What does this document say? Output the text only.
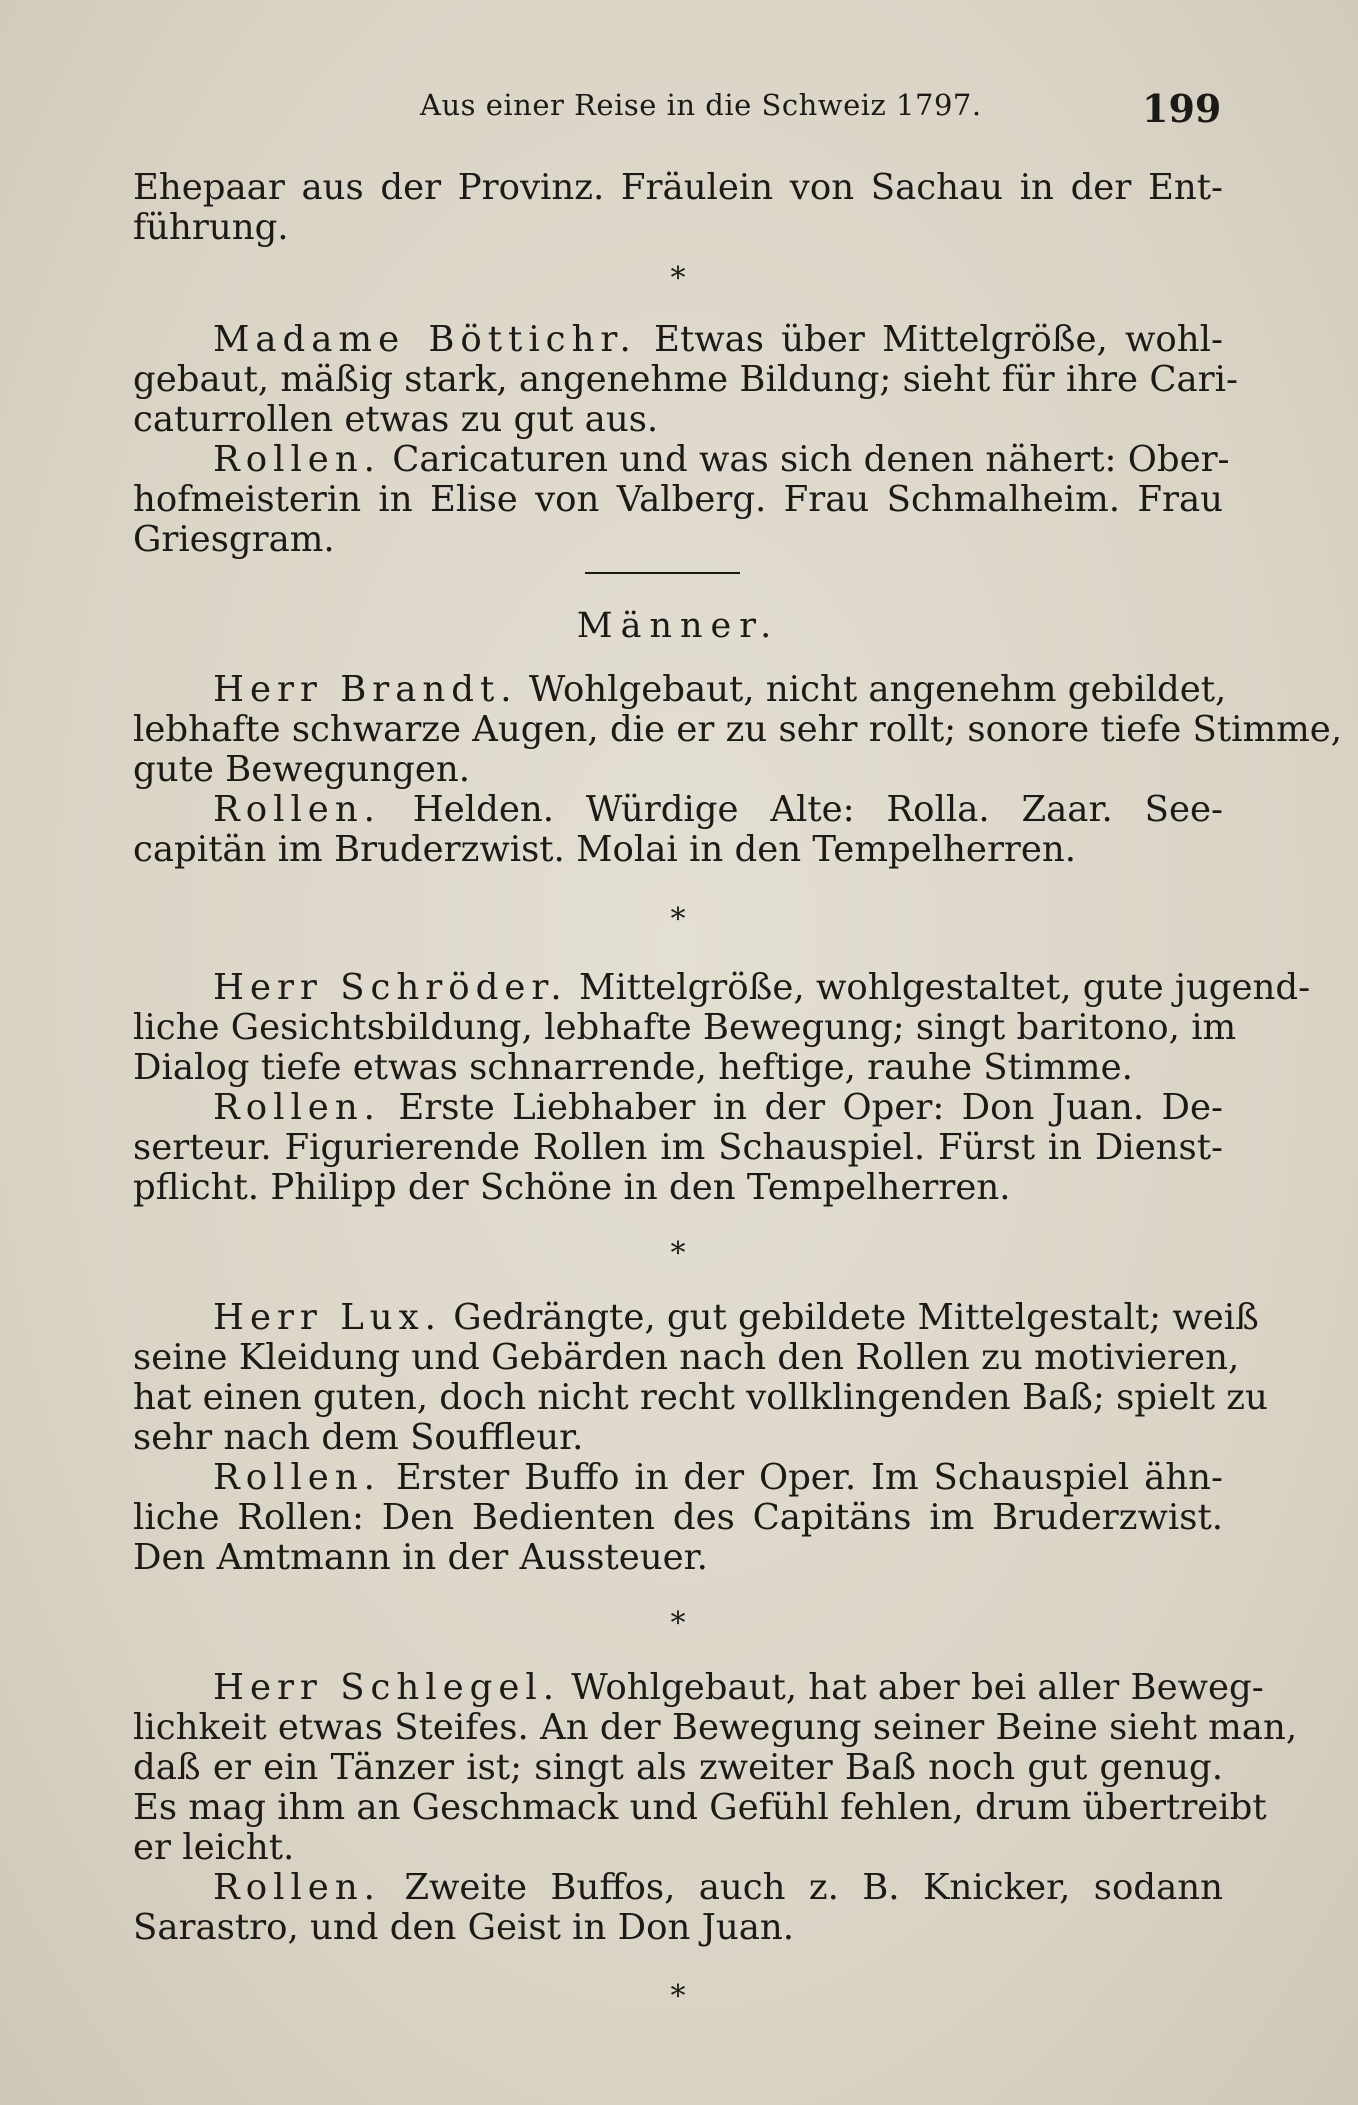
Aus einer Reise in die Schweiz 1797.	199
Ehepaar aus der Provinz. Fräulein von Sachau in der Ent-
führung.
*
Madame Böttichr. Etwas über Mittelgröße, wohl-
gebaut, mäßig stark, angenehme Bildung; sieht für ihre Cari-
caturrollen etwas zu gut aus.
Rollen. Caricaturen und was sich denen nähert: Ober-
hofmeisterin in Elise von Valberg. Frau Schmalheim. Frau
Griesgram.
Männer.
Herr Brandt. Wohlgebaut, nicht angenehm gebildet,
lebhafte schwarze Augen, die er zu sehr rollt; sonore tiefe Stimme,
gute Bewegungen.
Rollen. Helden. Würdige Alte: Rolla. Zaar. See-
capitän im Bruderzwist. Molai in den Tempelherren.
*
Herr Schröder. Mittelgröße, wohlgestaltet, gute jugend-
liche Gesichtsbildung, lebhafte Bewegung; singt baritono, im
Dialog tiefe etwas schnarrende, heftige, rauhe Stimme.
Rollen. Erste Liebhaber in der Oper: Don Juan. De-
serteur. Figurierende Rollen im Schauspiel. Fürst in Dienst-
pflicht. Philipp der Schöne in den Tempelherren.
*
Herr Lux. Gedrängte, gut gebildete Mittelgestalt; weiß
seine Kleidung und Gebärden nach den Rollen zu motivieren,
hat einen guten, doch nicht recht vollklingenden Baß; spielt zu
sehr nach dem Souffleur.
Rollen. Erster Buffo in der Oper. Im Schauspiel ähn-
liche Rollen: Den Bedienten des Capitäns im Bruderzwist.
Den Amtmann in der Aussteuer.
*
Herr Schlegel. Wohlgebaut, hat aber bei aller Beweg-
lichkeit etwas Steifes. An der Bewegung seiner Beine sieht man,
daß er ein Tänzer ist; singt als zweiter Baß noch gut genug.
Es mag ihm an Geschmack und Gefühl fehlen, drum übertreibt
er leicht.
Rollen. Zweite Buffos, auch z. B. Knicker, sodann
Sarastro, und den Geist in Don Juan.
*
